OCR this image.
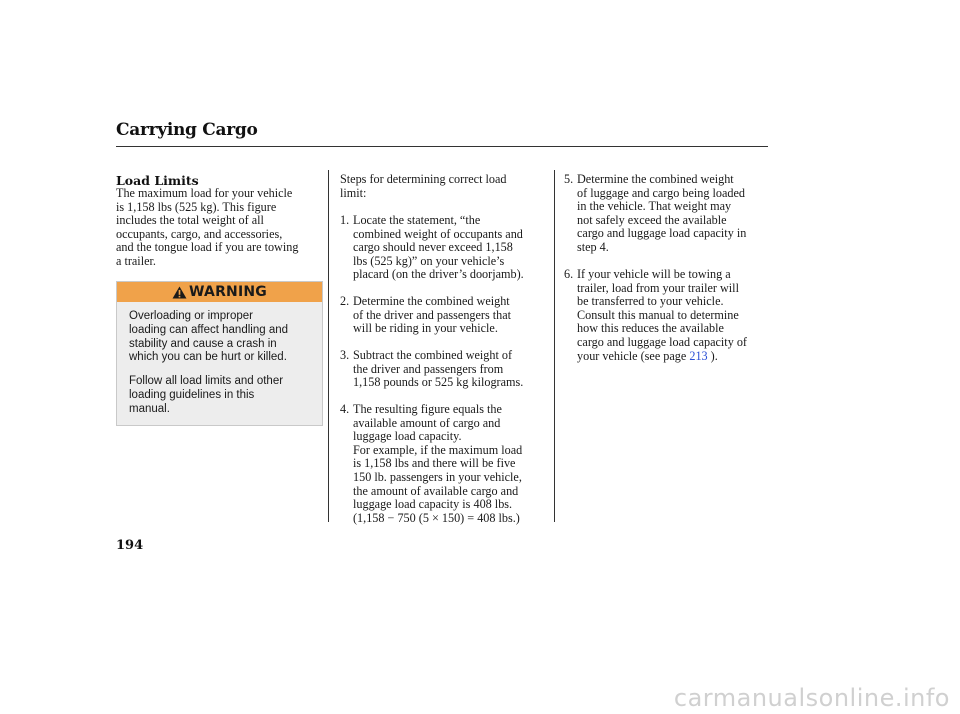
Carrying Cargo
Load Limits
The maximum load for your vehicle
is 1,158 lbs (525 kg). This figure
includes the total weight of all
occupants, cargo, and accessories,
and the tongue load if you are towing
a trailer.
WARNING
Overloading or improper
loading can affect handling and
stability and cause a crash in
which you can be hurt or killed.
Follow all load limits and other
loading guidelines in this
manual.
Steps for determining correct load
limit:

1. Locate the statement, “the
combined weight of occupants and
cargo should never exceed 1,158
lbs (525 kg)” on your vehicle’s
placard (on the driver’s doorjamb).

2. Determine the combined weight
of the driver and passengers that
will be riding in your vehicle.

3. Subtract the combined weight of
the driver and passengers from
1,158 pounds or 525 kg kilograms.

4. The resulting figure equals the
available amount of cargo and
luggage load capacity.
For example, if the maximum load
is 1,158 lbs and there will be five
150 lb. passengers in your vehicle,
the amount of available cargo and
luggage load capacity is 408 lbs.
(1,158 − 750 (5 × 150) = 408 lbs.)

5. Determine the combined weight
of luggage and cargo being loaded
in the vehicle. That weight may
not safely exceed the available
cargo and luggage load capacity in
step 4.

6. If your vehicle will be towing a
trailer, load from your trailer will
be transferred to your vehicle.
Consult this manual to determine
how this reduces the available
cargo and luggage load capacity of
your vehicle (see page 213 ).

194
carmanualsonline.info
